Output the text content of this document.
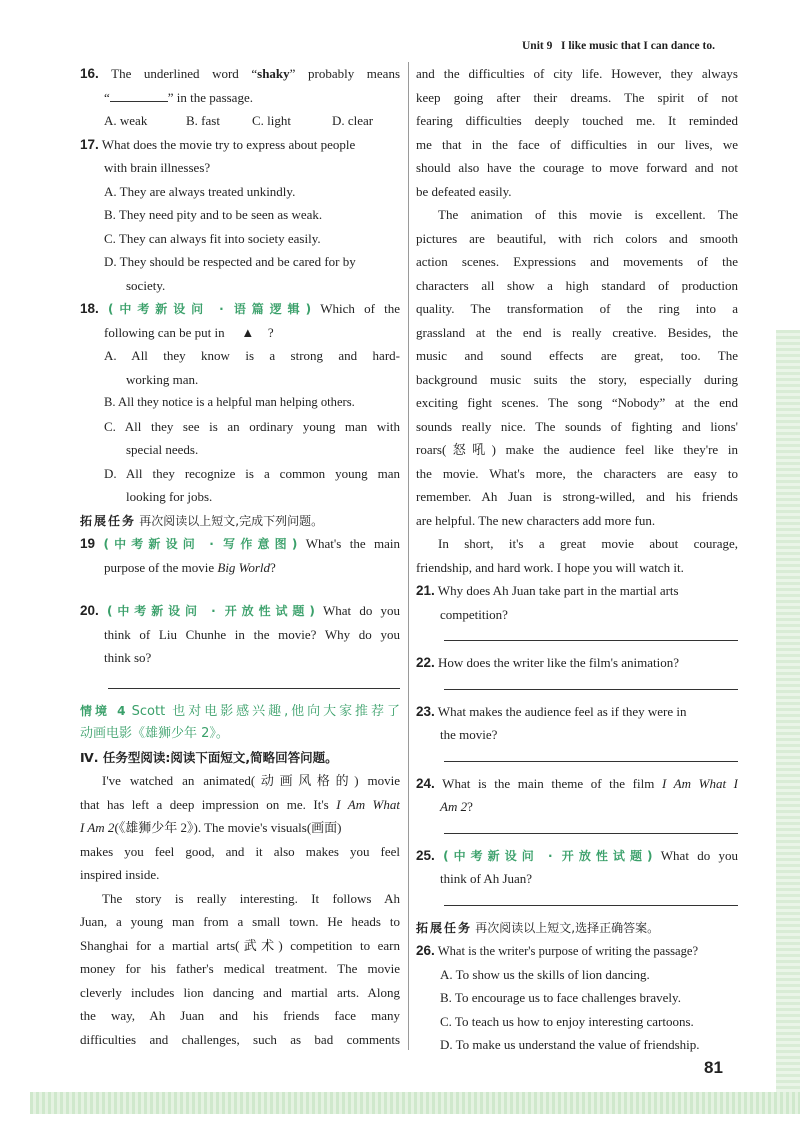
Unit 9 I like music that I can dance to.
16. The underlined word “shaky” probably means
“	” in the passage.
A. weak	B. fast C. light	D. clear
17. What does the movie try to express about people
with brain illnesses?
A. They are always treated unkindly.
B. They need pity and to be seen as weak.
C. They can always fit into society easily.
D. They should be respected and be cared for by
society.
18. (中考新设问 · 语篇逻辑) Which of the
following can be put in ▲ ?
A. All they know is a strong and hard-
working man.
B. All they notice is a helpful man helping others.
C. All they see is an ordinary young man with
special needs.
D. All they recognize is a common young man
looking for jobs.
拓展任务 再次阅读以上短文,完成下列问题。
19 (中考新设问 · 写作意图) What's the main
purpose of the movie Big World?
20. (中考新设问 · 开放性试题) What do you
think of Liu Chunhe in the movie? Why do you
think so?
情境 4 Scott 也对电影感兴趣,他向大家推荐了
动画电影《雄狮少年 2》。
Ⅳ. 任务型阅读:阅读下面短文,简略回答问题。
I've watched an animated(动画风格的) movie
that has left a deep impression on me. It's I Am What
I Am 2(《雄狮少年 2》). The movie's visuals(画面)
makes you feel good, and it also makes you feel
inspired inside.
The story is really interesting. It follows Ah
Juan, a young man from a small town. He heads to
Shanghai for a martial arts(武术) competition to earn
money for his father's medical treatment. The movie
cleverly includes lion dancing and martial arts. Along
the way, Ah Juan and his friends face many
difficulties and challenges, such as bad comments
and the difficulties of city life. However, they always
keep going after their dreams. The spirit of not
fearing difficulties deeply touched me. It reminded
me that in the face of difficulties in our lives, we
should also have the courage to move forward and not
be defeated easily.
The animation of this movie is excellent. The
pictures are beautiful, with rich colors and smooth
action scenes. Expressions and movements of the
characters all show a high standard of production
quality. The transformation of the ring into a
grassland at the end is really creative. Besides, the
music and sound effects are great, too. The
background music suits the story, especially during
exciting fight scenes. The song “Nobody” at the end
sounds really nice. The sounds of fighting and lions'
roars(怒吼) make the audience feel like they're in
the movie. What's more, the characters are easy to
remember. Ah Juan is strong-willed, and his friends
are helpful. The new characters add more fun.
In short, it's a great movie about courage,
friendship, and hard work. I hope you will watch it.
21. Why does Ah Juan take part in the martial arts
competition?
22. How does the writer like the film's animation?
23. What makes the audience feel as if they were in
the movie?
24. What is the main theme of the film I Am What I
Am 2?
25. (中考新设问 · 开放性试题) What do you
think of Ah Juan?
拓展任务 再次阅读以上短文,选择正确答案。
26. What is the writer's purpose of writing the passage?
A. To show us the skills of lion dancing.
B. To encourage us to face challenges bravely.
C. To teach us how to enjoy interesting cartoons.
D. To make us understand the value of friendship.
81
